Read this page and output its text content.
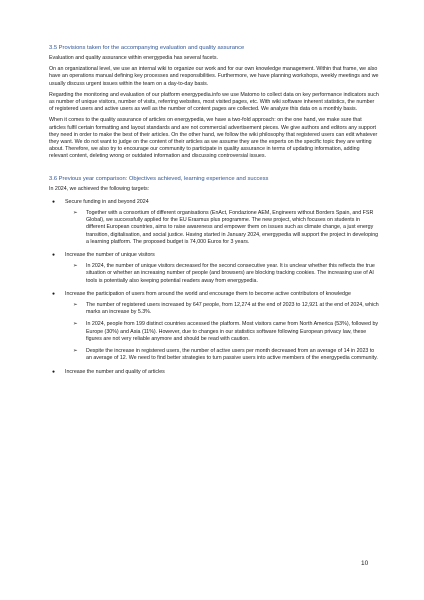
3.5 Provisions taken for the accompanying evaluation and quality assurance

Evaluation and quality assurance within energypedia has several facets.

On an organizational level, we use an internal wiki to organize our work and for our own knowledge management. Within that frame, we also have an operations manual defining key processes and responsibilities. Furthermore, we have planning workshops, weekly meetings and we usually discuss urgent issues within the team on a day-to-day basis.

Regarding the monitoring and evaluation of our platform energypedia.info we use Matomo to collect data on key performance indicators such as number of unique visitors, number of visits, referring websites, most visited pages, etc. With wiki software inherent statistics, the number of registered users and active users as well as the number of content pages are collected. We analyze this data on a monthly basis.

When it comes to the quality assurance of articles on energypedia, we have a two-fold approach: on the one hand, we make sure that articles fulfil certain formatting and layout standards and are not commercial advertisement pieces. We give authors and editors any support they need in order to make the best of their articles. On the other hand, we follow the wiki philosophy that registered users can edit whatever they want. We do not want to judge on the content of their articles as we assume they are the experts on the specific topic they are writing about. Therefore, we also try to encourage our community to participate in quality assurance in terms of updating information, adding relevant content, deleting wrong or outdated information and discussing controversial issues.

3.6 Previous year comparison: Objectives achieved, learning experience and success

In 2024, we achieved the following targets:

● Secure funding in and beyond 2024
➢ Together with a consortium of different organisations (EnAct, Fondazione AEM, Engineers without Borders Spain, and FSR Global), we successfully applied for the EU Erasmus plus programme. The new project, which focuses on students in different European countries, aims to raise awareness and empower them on issues such as climate change, a just energy transition, digitalisation, and social justice. Having started in January 2024, energypedia will support the project in developing a learning platform. The proposed budget is 74,000 Euros for 3 years.
● Increase the number of unique visitors
➢ In 2024, the number of unique visitors decreased for the second consecutive year. It is unclear whether this reflects the true situation or whether an increasing number of people (and browsers) are blocking tracking cookies. The increasing use of AI tools is potentially also keeping potential readers away from energypedia.
● Increase the participation of users from around the world and encourage them to become active contributors of knowledge
➢ The number of registered users increased by 647 people, from 12,274 at the end of 2023 to 12,921 at the end of 2024, which marks an increase by 5.3%.
➢ In 2024, people from 199 distinct countries accessed the platform. Most visitors came from North America (53%), followed by Europe (30%) and Asia (11%). However, due to changes in our statistics software following European privacy law, these figures are not very reliable anymore and should be read with caution.
➢ Despite the increase in registered users, the number of active users per month decreased from an average of 14 in 2023 to an average of 12. We need to find better strategies to turn passive users into active members of the energypedia community.
● Increase the number and quality of articles
10
